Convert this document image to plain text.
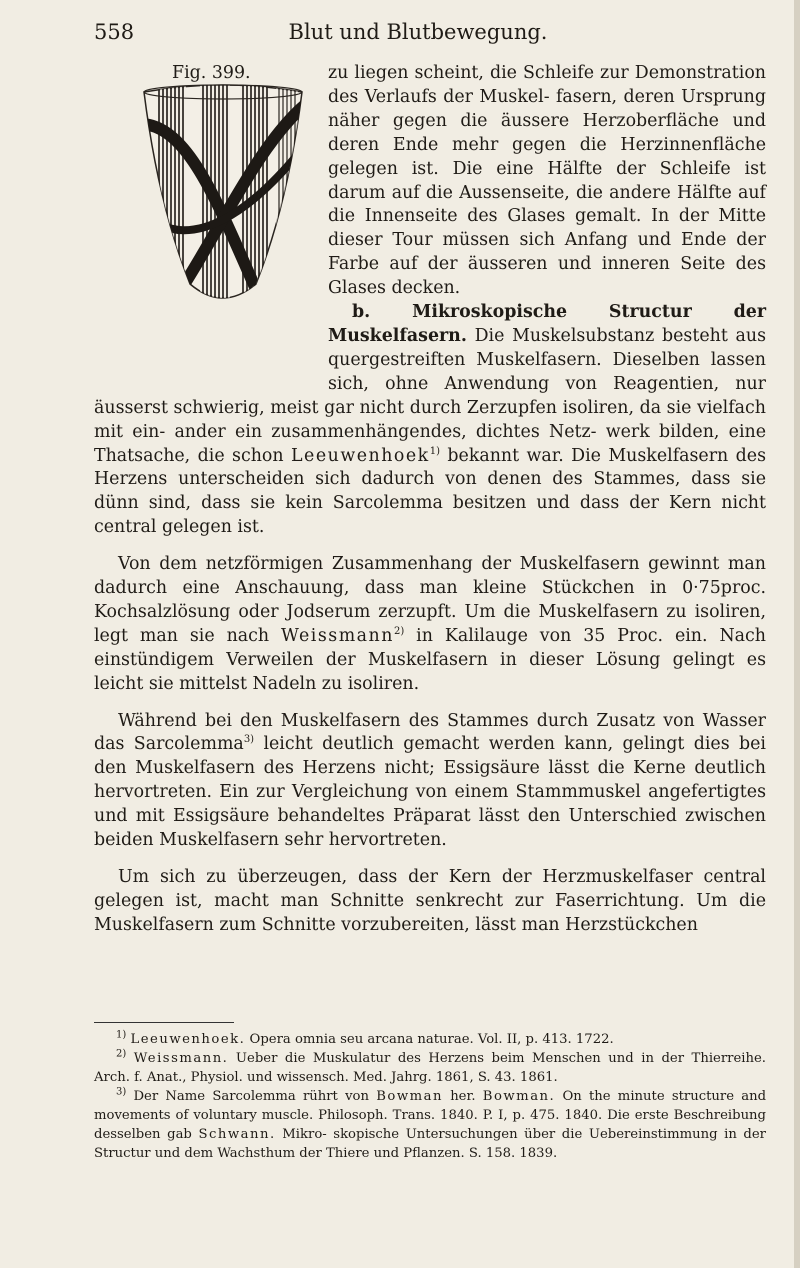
558	Blut und Blutbewegung.
Fig. 399.	zu liegen scheint, die Schleife zur Demonstration des Verlaufs der Muskel- fasern, deren Ursprung näher gegen die äussere Herzoberfläche und deren Ende mehr gegen die Herzinnenfläche gelegen ist. Die eine Hälfte der Schleife ist darum auf die Aussenseite, die andere Hälfte auf die Innenseite des Glases gemalt. In der Mitte dieser Tour müssen sich Anfang und Ende der Farbe auf der äusseren und inneren Seite des Glases decken.

b. Mikroskopische Structur der Muskelfasern. Die Muskelsubstanz besteht aus quergestreiften Muskelfasern. Dieselben lassen sich, ohne Anwendung von Reagentien, nur äusserst schwierig, meist gar nicht durch Zerzupfen isoliren, da sie vielfach mit ein- ander ein zusammenhängendes, dichtes Netz- werk bilden, eine Thatsache, die schon Leeuwenhoek$^{1)}$ bekannt war. Die Muskelfasern des Herzens unterscheiden sich dadurch von denen des Stammes, dass sie dünn sind, dass sie kein Sarcolemma besitzen und dass der Kern nicht central gelegen ist.

Von dem netzförmigen Zusammenhang der Muskelfasern gewinnt man dadurch eine Anschauung, dass man kleine Stückchen in 0·75proc. Kochsalzlösung oder Jodserum zerzupft. Um die Muskelfasern zu isoliren, legt man sie nach Weissmann$^{2)}$ in Kalilauge von 35 Proc. ein. Nach einstündigem Verweilen der Muskelfasern in dieser Lösung gelingt es leicht sie mittelst Nadeln zu isoliren.

Während bei den Muskelfasern des Stammes durch Zusatz von Wasser das Sarcolemma$^{3)}$ leicht deutlich gemacht werden kann, gelingt dies bei den Muskelfasern des Herzens nicht; Essigsäure lässt die Kerne deutlich hervortreten. Ein zur Vergleichung von einem Stammmuskel angefertigtes und mit Essigsäure behandeltes Präparat lässt den Unterschied zwischen beiden Muskelfasern sehr hervortreten.

Um sich zu überzeugen, dass der Kern der Herzmuskelfaser central gelegen ist, macht man Schnitte senkrecht zur Faserrichtung. Um die Muskelfasern zum Schnitte vorzubereiten, lässt man Herzstückchen

$^{1)}$ Leeuwenhoek. Opera omnia seu arcana naturae. Vol. II, p. 413. 1722.

$^{2)}$ Weissmann. Ueber die Muskulatur des Herzens beim Menschen und in der Thierreihe. Arch. f. Anat., Physiol. und wissensch. Med. Jahrg. 1861, S. 43. 1861.

$^{3)}$ Der Name Sarcolemma rührt von Bowman her. Bowman. On the minute structure and movements of voluntary muscle. Philosoph. Trans. 1840. P. I, p. 475. 1840. Die erste Beschreibung desselben gab Schwann. Mikro- skopische Untersuchungen über die Uebereinstimmung in der Structur und dem Wachsthum der Thiere und Pflanzen. S. 158. 1839.
